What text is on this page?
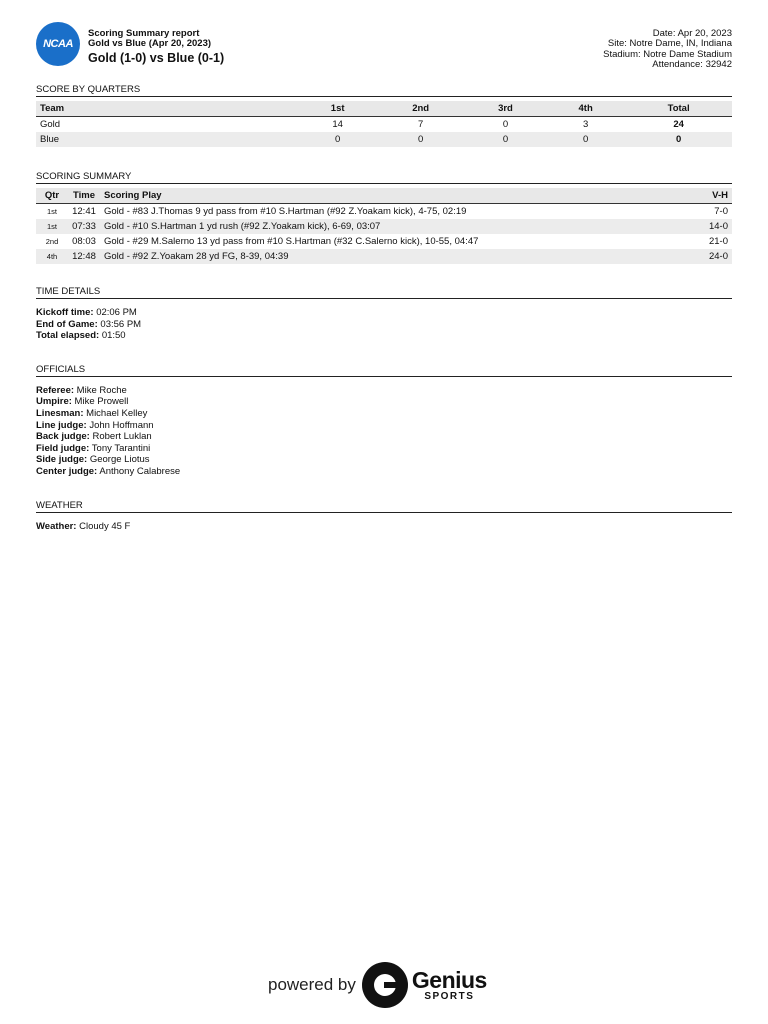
NCAA
Scoring Summary report
Gold vs Blue (Apr 20, 2023)
Gold (1-0) vs Blue (0-1)
Date: Apr 20, 2023
Site: Notre Dame, IN, Indiana
Stadium: Notre Dame Stadium
Attendance: 32942
SCORE BY QUARTERS
Team	1st	2nd	3rd	4th	Total
Gold	14	7	0	3	24
Blue	0	0	0	0	0
SCORING SUMMARY
Qtr	Time	Scoring Play	V-H
1st	12:41	Gold - #83 J.Thomas 9 yd pass from #10 S.Hartman (#92 Z.Yoakam kick), 4-75, 02:19	7-0
1st	07:33	Gold - #10 S.Hartman 1 yd rush (#92 Z.Yoakam kick), 6-69, 03:07	14-0
2nd	08:03	Gold - #29 M.Salerno 13 yd pass from #10 S.Hartman (#32 C.Salerno kick), 10-55, 04:47	21-0
4th	12:48	Gold - #92 Z.Yoakam 28 yd FG, 8-39, 04:39	24-0
TIME DETAILS
Kickoff time: 02:06 PM
End of Game: 03:56 PM
Total elapsed: 01:50
OFFICIALS
Referee: Mike Roche
Umpire: Mike Prowell
Linesman: Michael Kelley
Line judge: John Hoffmann
Back judge: Robert Luklan
Field judge: Tony Tarantini
Side judge: George Liotus
Center judge: Anthony Calabrese
WEATHER
Weather: Cloudy 45 F
powered by Genius
SPORTS
